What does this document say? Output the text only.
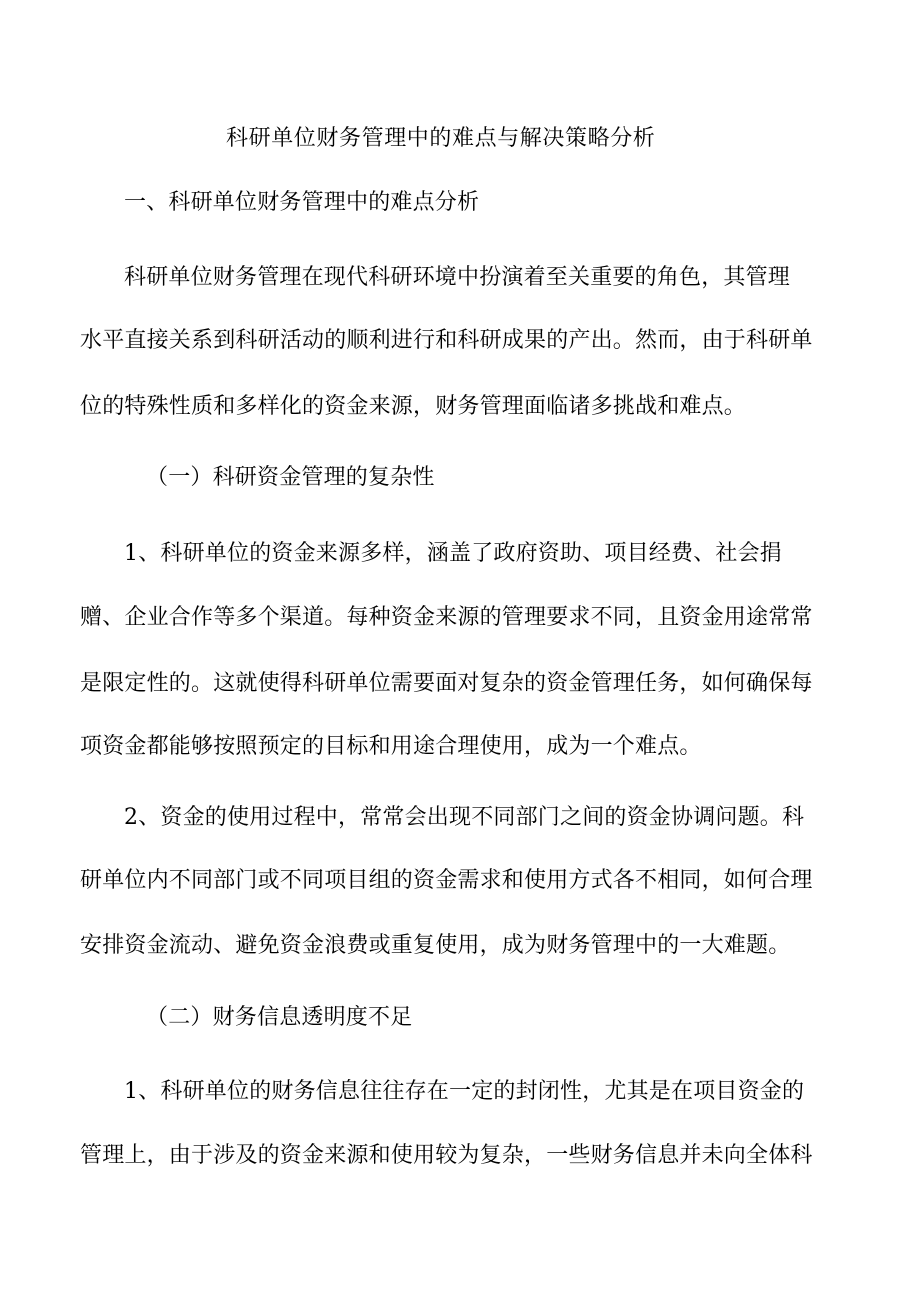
科研单位财务管理中的难点与解决策略分析
一、科研单位财务管理中的难点分析
科研单位财务管理在现代科研环境中扮演着至关重要的角色，其管理
水平直接关系到科研活动的顺利进行和科研成果的产出。然而，由于科研单
位的特殊性质和多样化的资金来源，财务管理面临诸多挑战和难点。
（一）科研资金管理的复杂性
1、科研单位的资金来源多样，涵盖了政府资助、项目经费、社会捐
赠、企业合作等多个渠道。每种资金来源的管理要求不同，且资金用途常常
是限定性的。这就使得科研单位需要面对复杂的资金管理任务，如何确保每
项资金都能够按照预定的目标和用途合理使用，成为一个难点。
2、资金的使用过程中，常常会出现不同部门之间的资金协调问题。科
研单位内不同部门或不同项目组的资金需求和使用方式各不相同，如何合理
安排资金流动、避免资金浪费或重复使用，成为财务管理中的一大难题。
（二）财务信息透明度不足
1、科研单位的财务信息往往存在一定的封闭性，尤其是在项目资金的
管理上，由于涉及的资金来源和使用较为复杂，一些财务信息并未向全体科
